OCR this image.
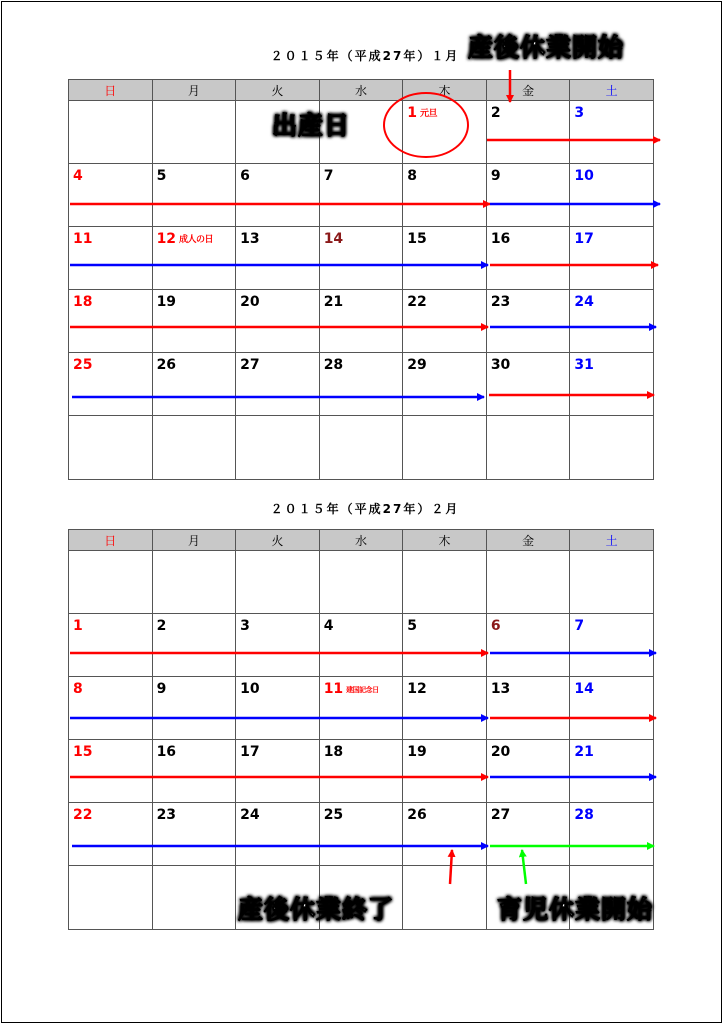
２０１５年（平成27年）１月
日	月	火	水	木	金	土

				1 元旦	2	3

4	5	6	7	8	9	10

11	12 成人の日	13	14	15	16	17

18	19	20	21	22	23	24

25	26	27	28	29	30	31

２０１５年（平成27年）２月
日	月	火	水	木	金	土

1	2	3	4	5	6	7

8	9	10	11 建国記念日	12	13	14

15	16	17	18	19	20	21

22	23	24	25	26	27	28

出産日
産後休業開始
産後休業終了	育児休業開始
